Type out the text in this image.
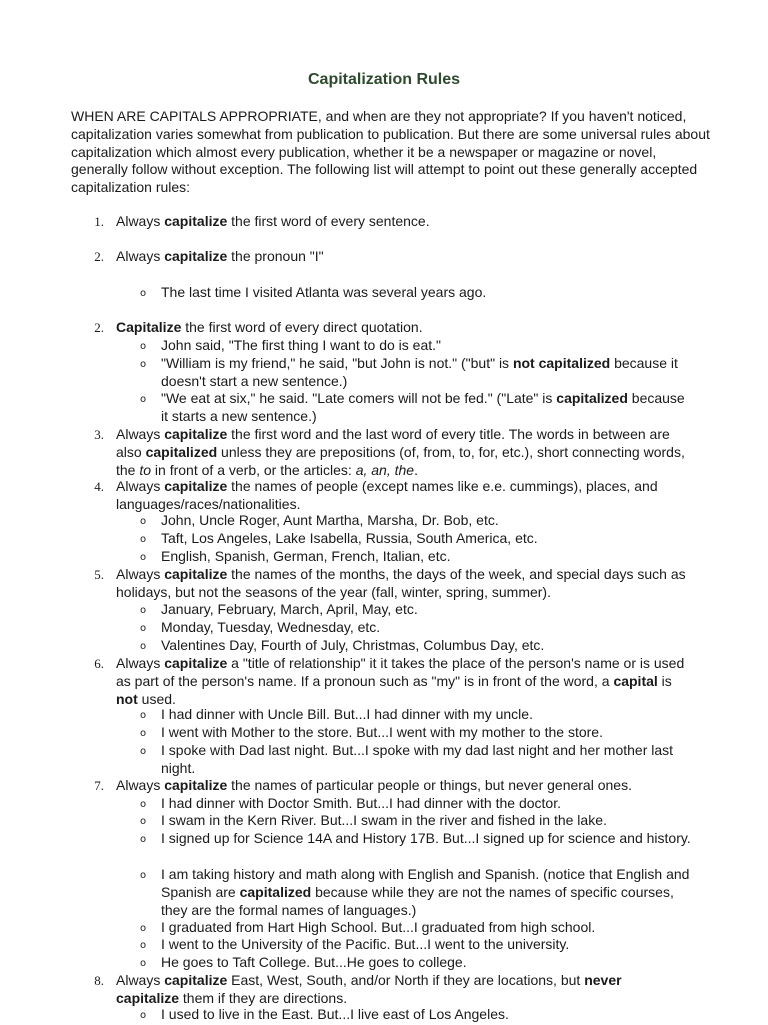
Capitalization Rules

WHEN ARE CAPITALS APPROPRIATE, and when are they not appropriate? If you haven't noticed, capitalization varies somewhat from publication to publication. But there are some universal rules about capitalization which almost every publication, whether it be a newspaper or magazine or novel, generally follow without exception. The following list will attempt to point out these generally accepted capitalization rules:

1. Always capitalize the first word of every sentence.
2. Always capitalize the pronoun "I"
o The last time I visited Atlanta was several years ago.
2. Capitalize the first word of every direct quotation.
o John said, "The first thing I want to do is eat."
o "William is my friend," he said, "but John is not." ("but" is not capitalized because it doesn't start a new sentence.)
o "We eat at six," he said. "Late comers will not be fed." ("Late" is capitalized because it starts a new sentence.)
3. Always capitalize the first word and the last word of every title. The words in between are also capitalized unless they are prepositions (of, from, to, for, etc.), short connecting words, the to in front of a verb, or the articles: a, an, the.
4. Always capitalize the names of people (except names like e.e. cummings), places, and languages/races/nationalities.
o John, Uncle Roger, Aunt Martha, Marsha, Dr. Bob, etc.
o Taft, Los Angeles, Lake Isabella, Russia, South America, etc.
o English, Spanish, German, French, Italian, etc.
5. Always capitalize the names of the months, the days of the week, and special days such as holidays, but not the seasons of the year (fall, winter, spring, summer).
o January, February, March, April, May, etc.
o Monday, Tuesday, Wednesday, etc.
o Valentines Day, Fourth of July, Christmas, Columbus Day, etc.
6. Always capitalize a "title of relationship" it it takes the place of the person's name or is used as part of the person's name. If a pronoun such as "my" is in front of the word, a capital is not used.
o I had dinner with Uncle Bill. But...I had dinner with my uncle.
o I went with Mother to the store. But...I went with my mother to the store.
o I spoke with Dad last night. But...I spoke with my dad last night and her mother last night.
7. Always capitalize the names of particular people or things, but never general ones.
o I had dinner with Doctor Smith. But...I had dinner with the doctor.
o I swam in the Kern River. But...I swam in the river and fished in the lake.
o I signed up for Science 14A and History 17B. But...I signed up for science and history.
o I am taking history and math along with English and Spanish. (notice that English and Spanish are capitalized because while they are not the names of specific courses, they are the formal names of languages.)
o I graduated from Hart High School. But...I graduated from high school.
o I went to the University of the Pacific. But...I went to the university.
o He goes to Taft College. But...He goes to college.
8. Always capitalize East, West, South, and/or North if they are locations, but never capitalize them if they are directions.
o I used to live in the East. But...I live east of Los Angeles.
